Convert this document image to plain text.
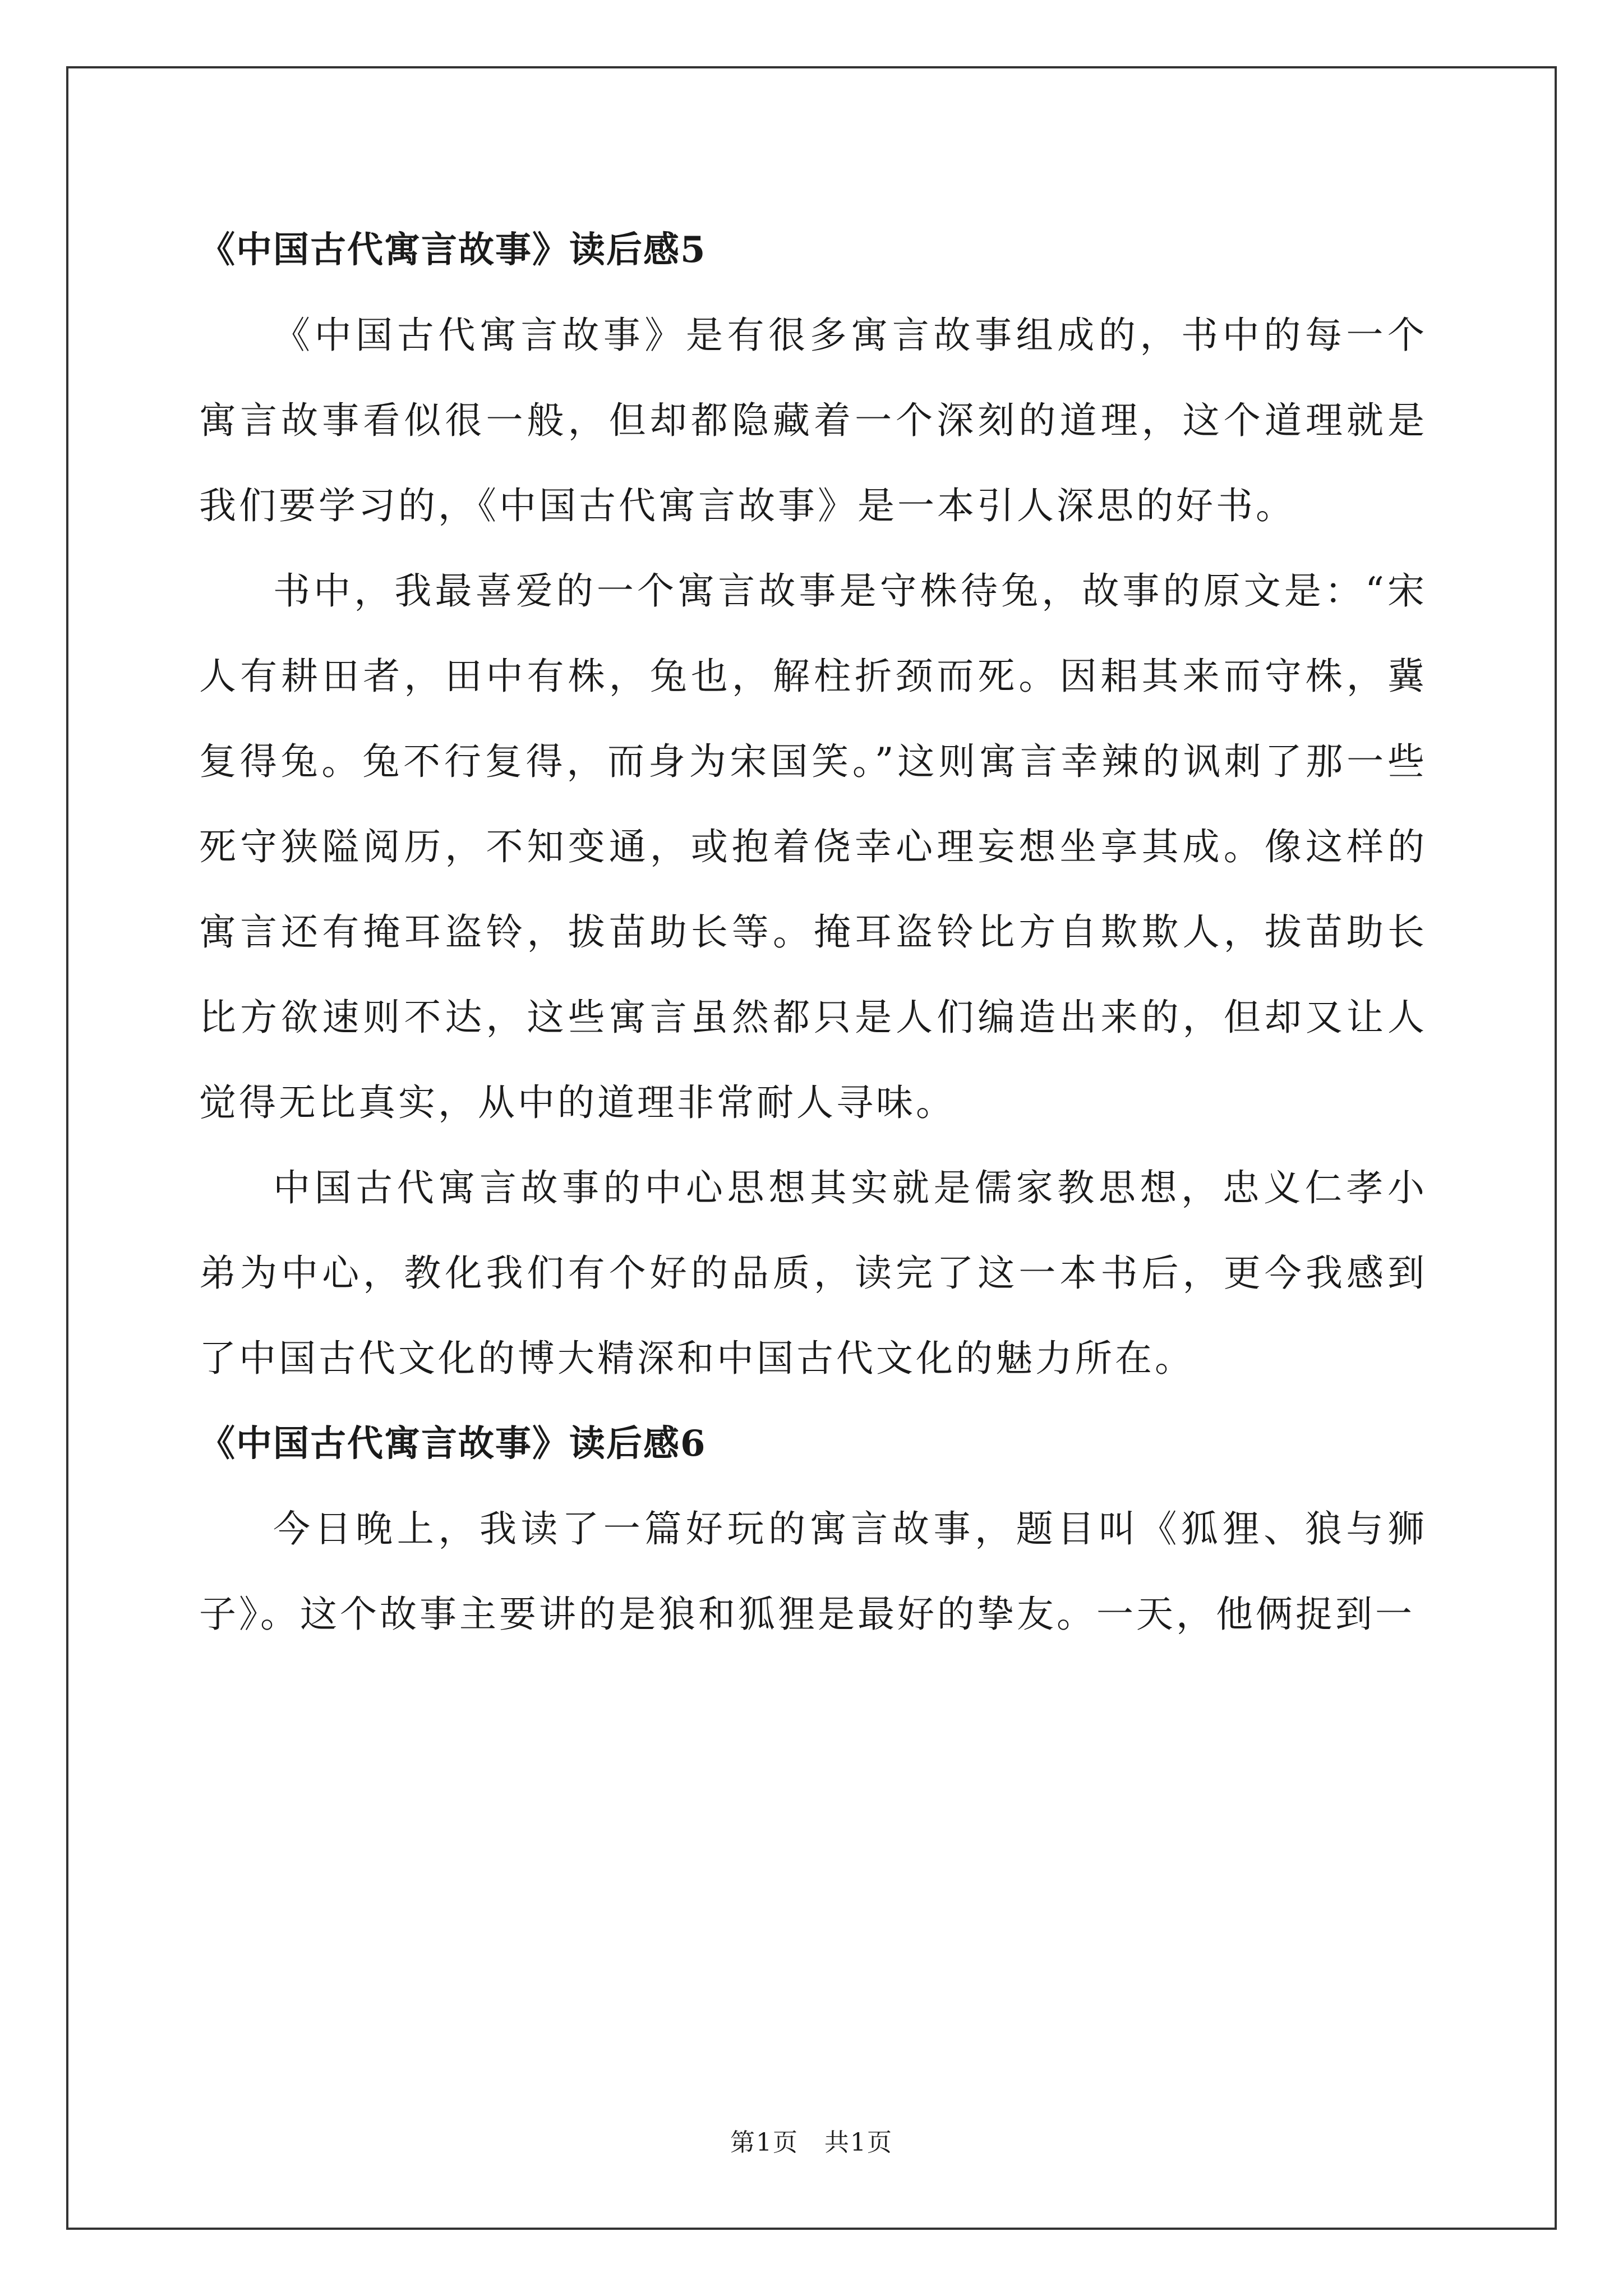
《中国古代寓言故事》读后感5

《中国古代寓言故事》是有很多寓言故事组成的，书中的每一个寓言故事看似很一般，但却都隐藏着一个深刻的道理，这个道理就是我们要学习的，《中国古代寓言故事》是一本引人深思的好书。

书中，我最喜爱的一个寓言故事是守株待兔，故事的原文是：“宋人有耕田者，田中有株，兔也，解柱折颈而死。因耜其来而守株，冀复得兔。兔不行复得，而身为宋国笑。”这则寓言幸辣的讽刺了那一些死守狭隘阅历，不知变通，或抱着侥幸心理妄想坐享其成。像这样的寓言还有掩耳盗铃，拔苗助长等。掩耳盗铃比方自欺欺人，拔苗助长比方欲速则不达，这些寓言虽然都只是人们编造出来的，但却又让人觉得无比真实，从中的道理非常耐人寻味。

中国古代寓言故事的中心思想其实就是儒家教思想，忠义仁孝小弟为中心，教化我们有个好的品质，读完了这一本书后，更今我感到了中国古代文化的博大精深和中国古代文化的魅力所在。

《中国古代寓言故事》读后感6

今日晚上，我读了一篇好玩的寓言故事，题目叫《狐狸、狼与狮子》。这个故事主要讲的是狼和狐狸是最好的挚友。一天，他俩捉到一

第1页　共1页
